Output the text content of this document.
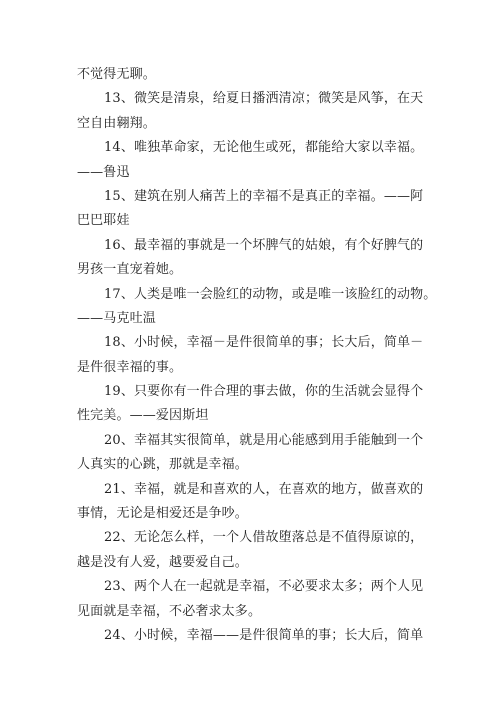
不觉得无聊。
13、微笑是清泉，给夏日播洒清凉；微笑是风筝，在天
空自由翱翔。
14、唯独革命家，无论他生或死，都能给大家以幸福。
——鲁迅
15、建筑在别人痛苦上的幸福不是真正的幸福。——阿
巴巴耶娃
16、最幸福的事就是一个坏脾气的姑娘，有个好脾气的
男孩一直宠着她。
17、人类是唯一会脸红的动物，或是唯一该脸红的动物。
——马克吐温
18、小时候，幸福－是件很简单的事；长大后，简单－
是件很幸福的事。
19、只要你有一件合理的事去做，你的生活就会显得个
性完美。——爱因斯坦
20、幸福其实很简单，就是用心能感到用手能触到一个
人真实的心跳，那就是幸福。
21、幸福，就是和喜欢的人，在喜欢的地方，做喜欢的
事情，无论是相爱还是争吵。
22、无论怎么样，一个人借故堕落总是不值得原谅的，
越是没有人爱，越要爱自己。
23、两个人在一起就是幸福，不必要求太多；两个人见
见面就是幸福，不必奢求太多。
24、小时候，幸福——是件很简单的事；长大后，简单
